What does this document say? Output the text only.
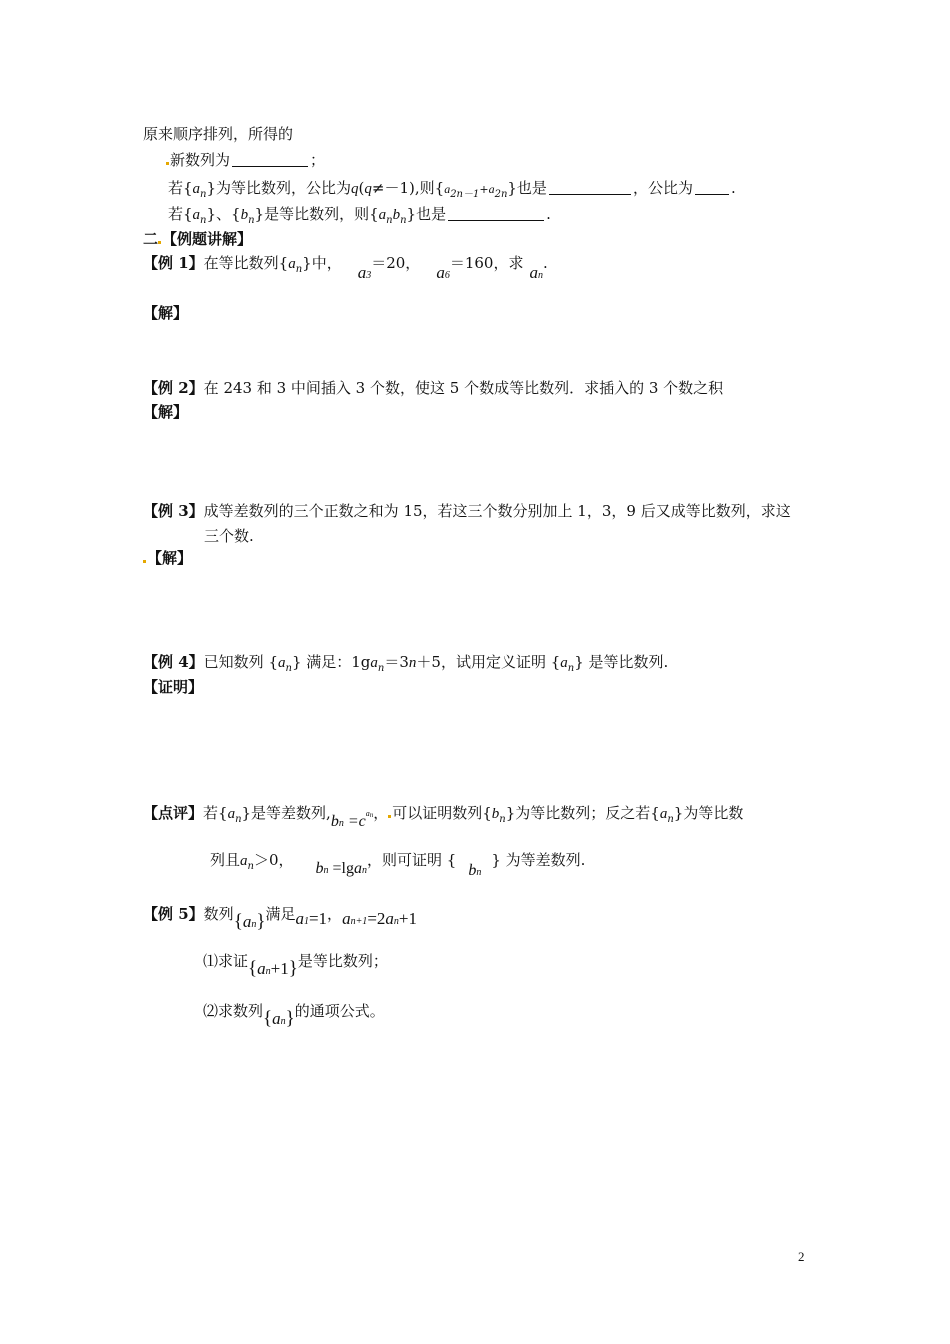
原来顺序排列，所得的
新数列为	；
若$\{a_n\}$为等比数列，公比为q(q≠－1),则$\{a_{2n-1}+a_{2n}\}$也是	，公比为	.
若$\{a_n\}$、$\{b_n\}$是等比数列，则$\{a_nb_n\}$也是	.
二 【例题讲解】
【例 1】在等比数列$\{a_n\}$中， a3＝20， a6＝160，求 an.
【解】
【例 2】在 243 和 3 中间插入 3 个数，使这 5 个数成等比数列．求插入的 3 个数之积
【解】
【例 3】成等差数列的三个正数之和为 15，若这三个数分别加上 1，3，9 后又成等比数列，求这
三个数.
【解】
【例 4】已知数列 $\{a_n\}$ 满足：$1ga_n=3n+5$，试用定义证明 $\{a_n\}$ 是等比数列.
【证明】
【点评】若$\{a_n\}$是等差数列$,bn =c^{an}$， 可以证明数列$\{b_n\}$为等比数列；反之若$\{a_n\}$为等比数
列且$a_n>0$， bn =lgan，则可证明 {bn} 为等差数列.
【例 5】数列{an}满足a1=1，an+1=2an+1
⑴求证{an+1}是等比数列；
⑵求数列{an}的通项公式。
2
